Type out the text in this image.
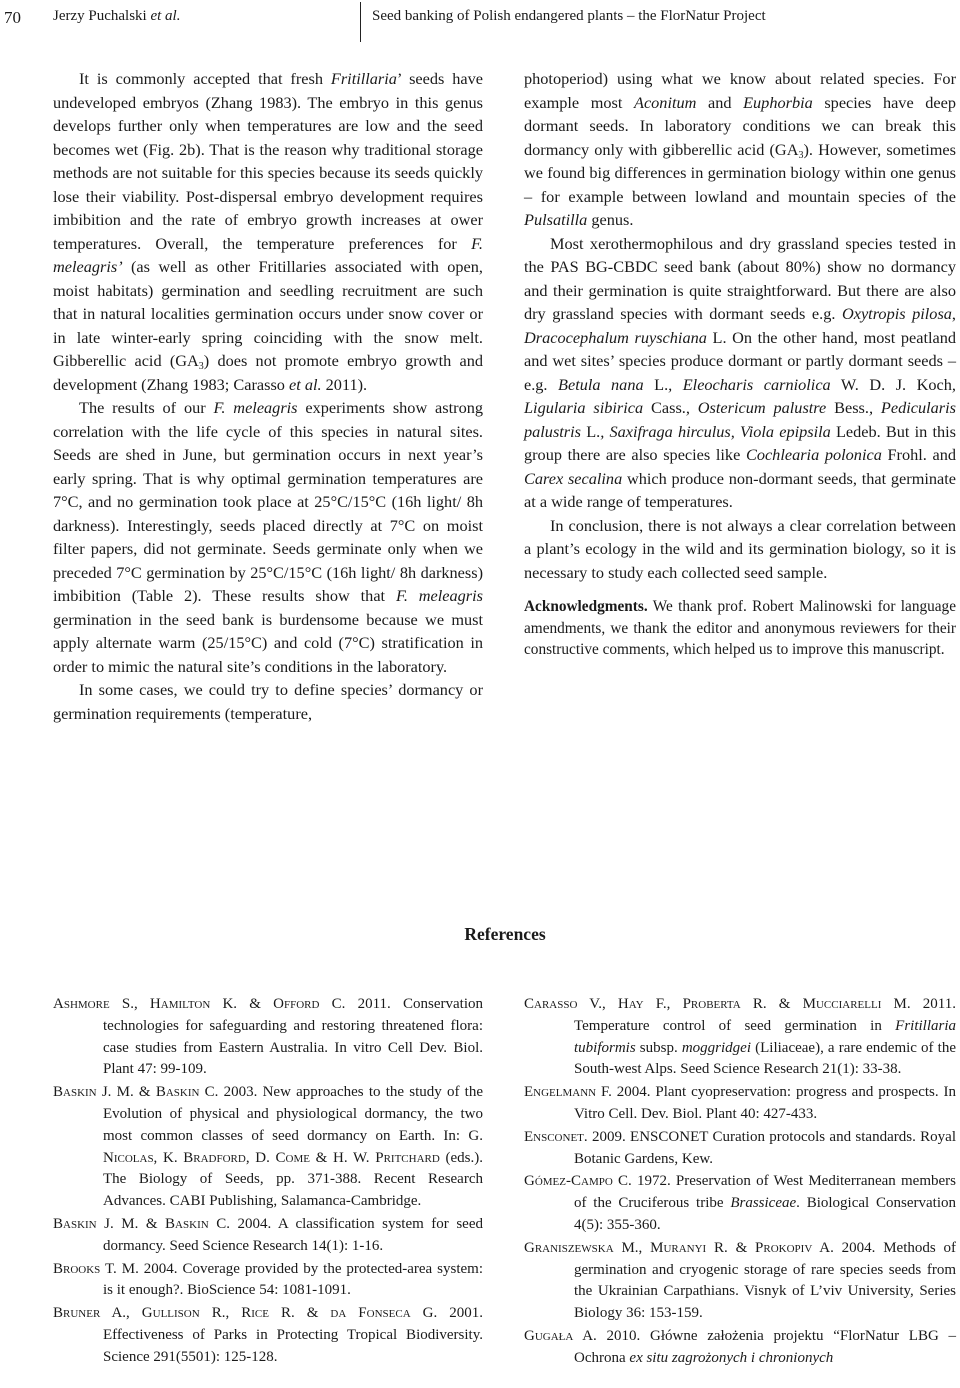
70 Jerzy Puchalski et al.	Seed banking of Polish endangered plants – the FlorNatur Project

It is commonly accepted that fresh Fritillaria’ seeds have undeveloped embryos (Zhang 1983). The embryo in this genus develops further only when temperatures are low and the seed becomes wet (Fig. 2b). That is the reason why traditional storage methods are not suitable for this species because its seeds quickly lose their viability. Post-dispersal embryo development requires imbibition and the rate of embryo growth increases at ower temperatures. Overall, the temperature preferences for F. meleagris’ (as well as other Fritillaries associated with open, moist habitats) germination and seedling recruitment are such that in natural localities germination occurs under snow cover or in late winter-early spring coinciding with the snow melt. Gibberellic acid $(GA_3)$ does not promote embryo growth and development (Zhang 1983; Carasso et al. 2011).

The results of our F. meleagris experiments show astrong correlation with the life cycle of this species in natural sites. Seeds are shed in June, but germination occurs in next year’s early spring. That is why optimal germination temperatures are 7°C, and no germination took place at 25°C/15°C (16h light/ 8h darkness). Interestingly, seeds placed directly at 7°C on moist filter papers, did not germinate. Seeds germinate only when we preceded 7°C germination by 25°C/15°C (16h light/ 8h darkness) imbibition (Table 2). These results show that F. meleagris germination in the seed bank is burdensome because we must apply alternate warm (25/15°C) and cold (7°C) stratification in order to mimic the natural site’s conditions in the laboratory.

In some cases, we could try to define species’ dormancy or germination requirements (temperature,

photoperiod) using what we know about related species. For example most Aconitum and Euphorbia species have deep dormant seeds. In laboratory conditions we can break this dormancy only with gibberellic acid $(GA_3)$. However, sometimes we found big differences in germination biology within one genus – for example between lowland and mountain species of the Pulsatilla genus.

Most xerothermophilous and dry grassland species tested in the PAS BG-CBDC seed bank (about 80%) show no dormancy and their germination is quite straightforward. But there are also dry grassland species with dormant seeds e.g. Oxytropis pilosa, Dracocephalum ruyschiana L. On the other hand, most peatland and wet sites’ species produce dormant or partly dormant seeds – e.g. Betula nana L., Eleocharis carniolica W. D. J. Koch, Ligularia sibirica Cass., Ostericum palustre Bess., Pedicularis palustris L., Saxifraga hirculus, Viola epipsila Ledeb. But in this group there are also species like Cochlearia polonica Frohl. and Carex secalina which produce non-dormant seeds, that germinate at a wide range of temperatures.

In conclusion, there is not always a clear correlation between a plant’s ecology in the wild and its germination biology, so it is necessary to study each collected seed sample.

Acknowledgments. We thank prof. Robert Malinowski for language amendments, we thank the editor and anonymous reviewers for their constructive comments, which helped us to improve this manuscript.

References

Ashmore S., Hamilton K. & Offord C. 2011. Conservation technologies for safeguarding and restoring threatened flora: case studies from Eastern Australia. In vitro Cell Dev. Biol. Plant 47: 99-109.

Baskin J. M. & Baskin C. 2003. New approaches to the study of the Evolution of physical and physiological dormancy, the two most common classes of seed dormancy on Earth. In: G. Nicolas, K. Bradford, D. Come & H. W. Pritchard (eds.). The Biology of Seeds, pp. 371-388. Recent Research Advances. CABI Publishing, Salamanca-Cambridge.

Baskin J. M. & Baskin C. 2004. A classification system for seed dormancy. Seed Science Research 14(1): 1-16.

Brooks T. M. 2004. Coverage provided by the protected-area system: is it enough?. BioScience 54: 1081-1091.

Bruner A., Gullison R., Rice R. & da Fonseca G. 2001. Effectiveness of Parks in Protecting Tropical Biodiversity. Science 291(5501): 125-128.

Carasso V., Hay F., Proberta R. & Mucciarelli M. 2011. Temperature control of seed germination in Fritillaria tubiformis subsp. moggridgei (Liliaceae), a rare endemic of the South-west Alps. Seed Science Research 21(1): 33-38.

Engelmann F. 2004. Plant cyopreservation: progress and prospects. In Vitro Cell. Dev. Biol. Plant 40: 427-433.

Ensconet. 2009. ENSCONET Curation protocols and standards. Royal Botanic Gardens, Kew.

Gómez-Campo C. 1972. Preservation of West Mediterranean members of the Cruciferous tribe Brassiceae. Biological Conservation 4(5): 355-360.

Graniszewska M., Muranyi R. & Prokopiv A. 2004. Methods of germination and cryogenic storage of rare species seeds from the Ukrainian Carpathians. Visnyk of L’viv University, Series Biology 36: 153-159.

Gugała A. 2010. Główne założenia projektu “FlorNatur LBG – Ochrona ex situ zagrożonych i chronionych
